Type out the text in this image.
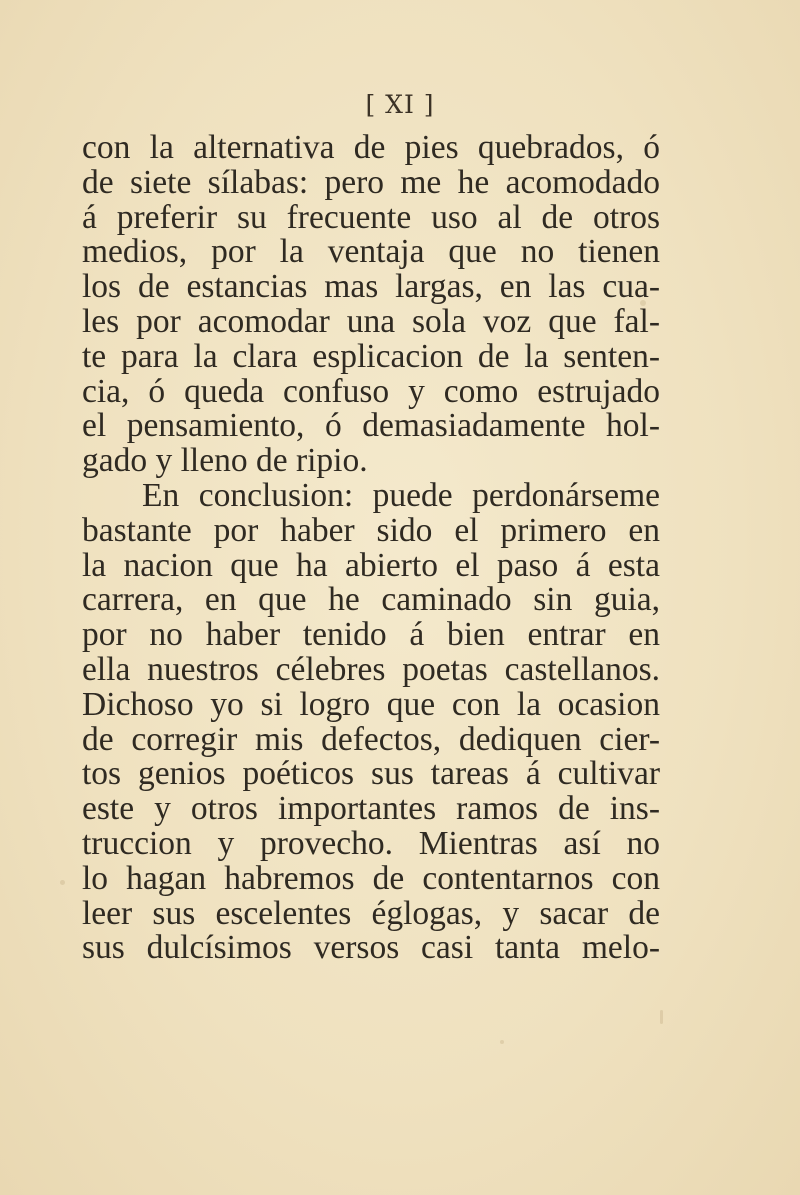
[ XI ]
con la alternativa de pies quebrados, ó
de siete sílabas: pero me he acomodado
á preferir su frecuente uso al de otros
medios, por la ventaja que no tienen
los de estancias mas largas, en las cua-
les por acomodar una sola voz que fal-
te para la clara esplicacion de la senten-
cia, ó queda confuso y como estrujado
el pensamiento, ó demasiadamente hol-
gado y lleno de ripio.
En conclusion: puede perdonárseme
bastante por haber sido el primero en
la nacion que ha abierto el paso á esta
carrera, en que he caminado sin guia,
por no haber tenido á bien entrar en
ella nuestros célebres poetas castellanos.
Dichoso yo si logro que con la ocasion
de corregir mis defectos, dediquen cier-
tos genios poéticos sus tareas á cultivar
este y otros importantes ramos de ins-
truccion y provecho. Mientras así no
lo hagan habremos de contentarnos con
leer sus escelentes églogas, y sacar de
sus dulcísimos versos casi tanta melo-
